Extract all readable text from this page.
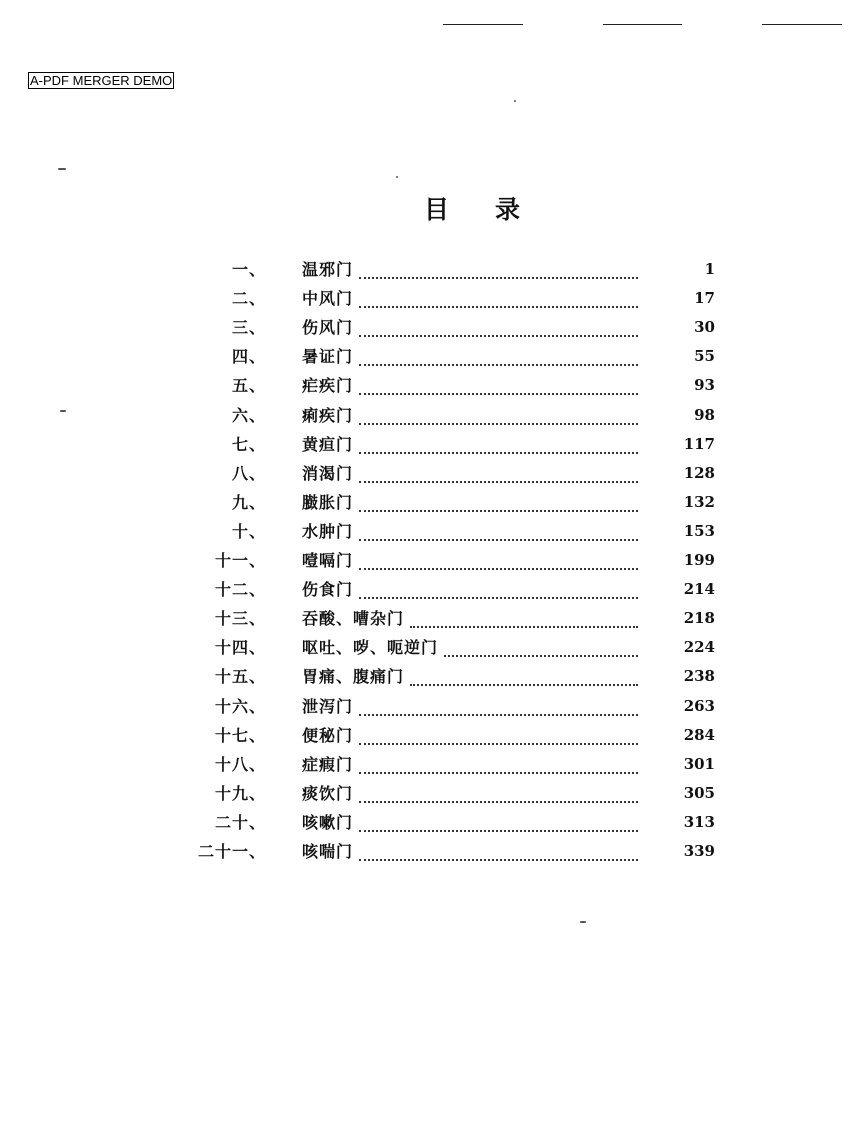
A-PDF MERGER DEMO
目 录
一、 温邪门	1
二、 中风门	17
三、 伤风门	30
四、 暑证门	55
五、 疟疾门	93
六、 痢疾门	98
七、 黄疸门	117
八、 消渴门	128
九、 臌胀门	132
十、 水肿门	153
十一、 噎嗝门	199
十二、 伤食门	214
十三、 吞酸、嘈杂门	218
十四、 呕吐、哕、呃逆门	224
十五、 胃痛、腹痛门	238
十六、 泄泻门	263
十七、 便秘门	284
十八、 症瘕门	301
十九、 痰饮门	305
二十、 咳嗽门	313
二十一、 咳喘门	339
